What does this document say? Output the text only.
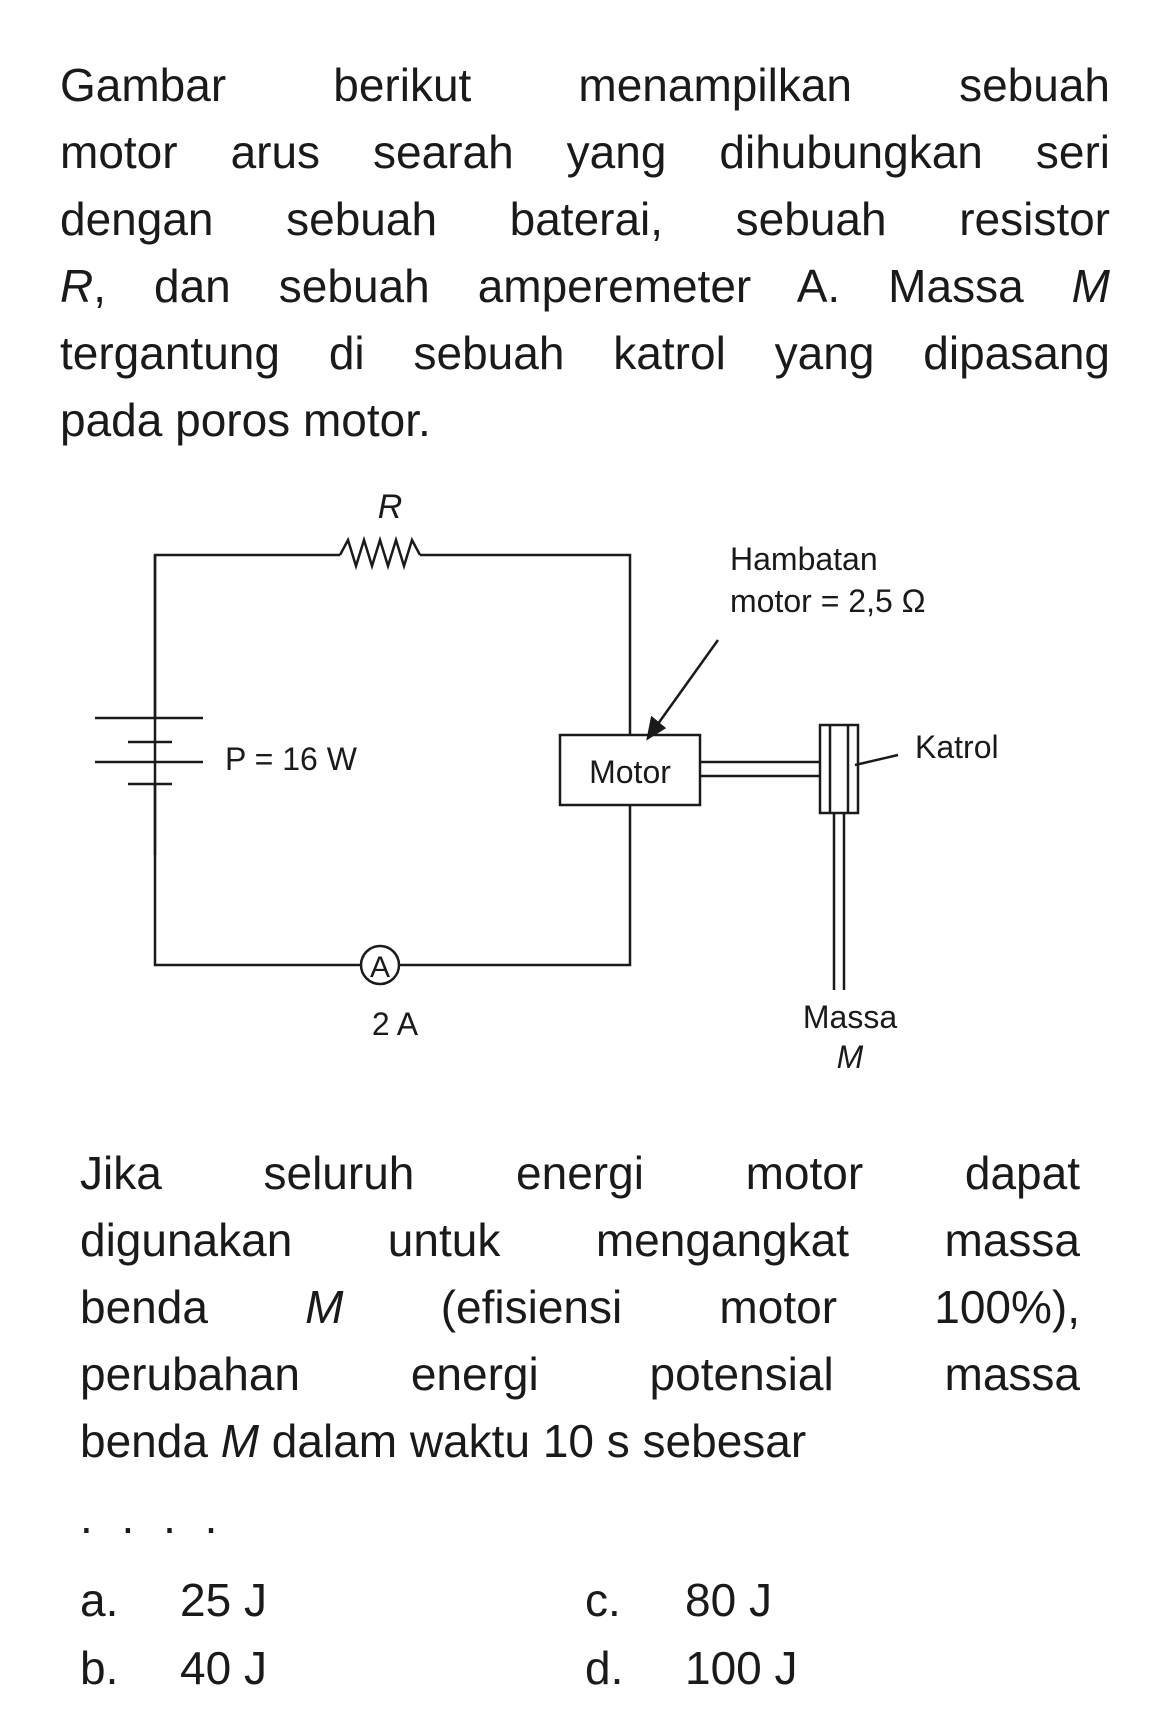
Gambar berikut menampilkan sebuah
motor arus searah yang dihubungkan seri
dengan sebuah baterai, sebuah resistor
R, dan sebuah amperemeter A. Massa M
tergantung di sebuah katrol yang dipasang
pada poros motor.
R
P = 16 W
A
2 A
Motor
Hambatan
motor = 2,5 Ω
Katrol
Massa
M
Jika seluruh energi motor dapat
digunakan untuk mengangkat massa
benda M (efisiensi motor 100%),
perubahan energi potensial massa
benda M dalam waktu 10 s sebesar
. . . .
a. 25 J
b. 40 J
c. 80 J
d. 100 J
